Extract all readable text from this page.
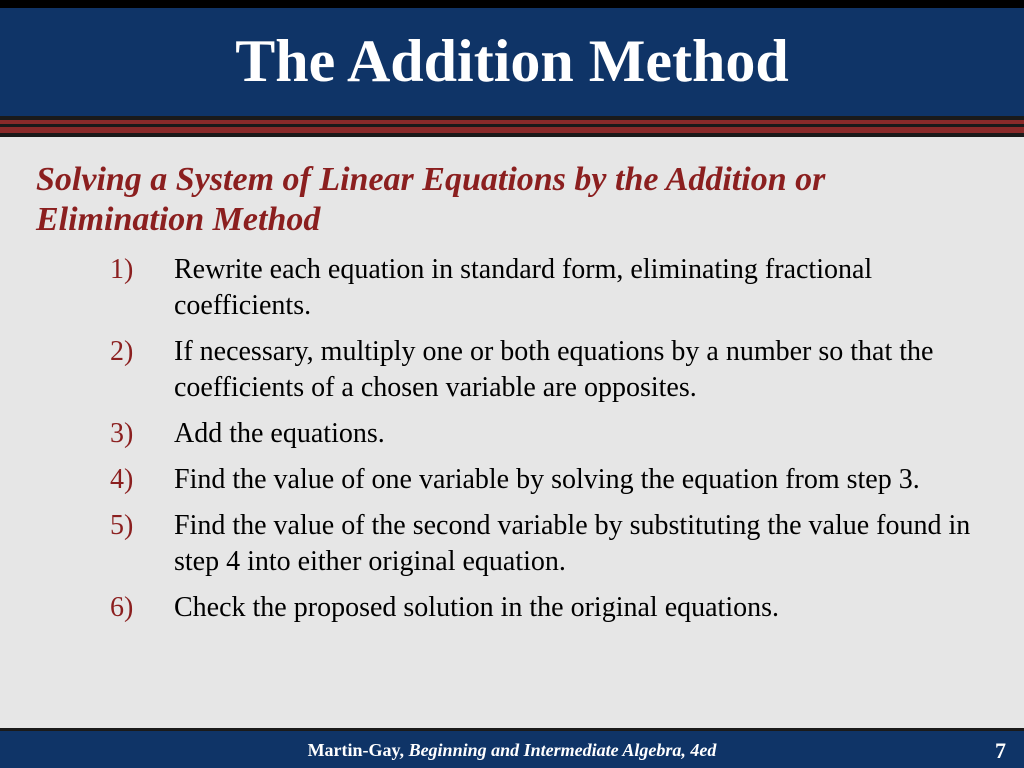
The Addition Method

Solving a System of Linear Equations by the Addition or Elimination Method

1)	Rewrite each equation in standard form, eliminating fractional coefficients.
2)	If necessary, multiply one or both equations by a number so that the coefficients of a chosen variable are opposites.
3)	Add the equations.
4)	Find the value of one variable by solving the equation from step 3.
5)	Find the value of the second variable by substituting the value found in step 4 into either original equation.
6)	Check the proposed solution in the original equations.
Martin-Gay, Beginning and Intermediate Algebra, 4ed	7
